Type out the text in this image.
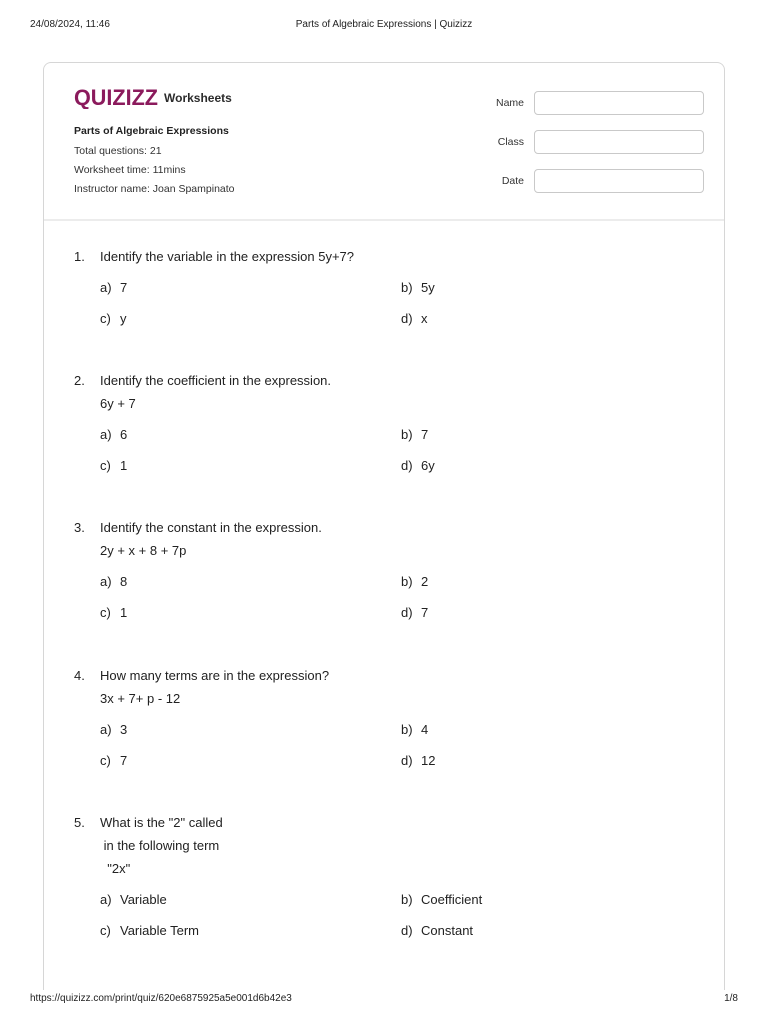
24/08/2024, 11:46	Parts of Algebraic Expressions | Quizizz
QUIZIZZ Worksheets
Parts of Algebraic Expressions
Total questions: 21
Worksheet time: 11mins
Instructor name: Joan Spampinato
Name
Class
Date
1.	Identify the variable in the expression 5y+7?
a) 7	b) 5y
c) y	d) x
2.	Identify the coefficient in the expression.
6y + 7
a) 6	b) 7
c) 1	d) 6y
3.	Identify the constant in the expression.
2y + x + 8 + 7p
a) 8	b) 2
c) 1	d) 7
4.	How many terms are in the expression?
3x + 7+ p - 12
a) 3	b) 4
c) 7	d) 12
5.	What is the "2" called
in the following term
"2x"
a) Variable	b) Coefficient
c) Variable Term	d) Constant
https://quizizz.com/print/quiz/620e6875925a5e001d6b42e3	1/8
